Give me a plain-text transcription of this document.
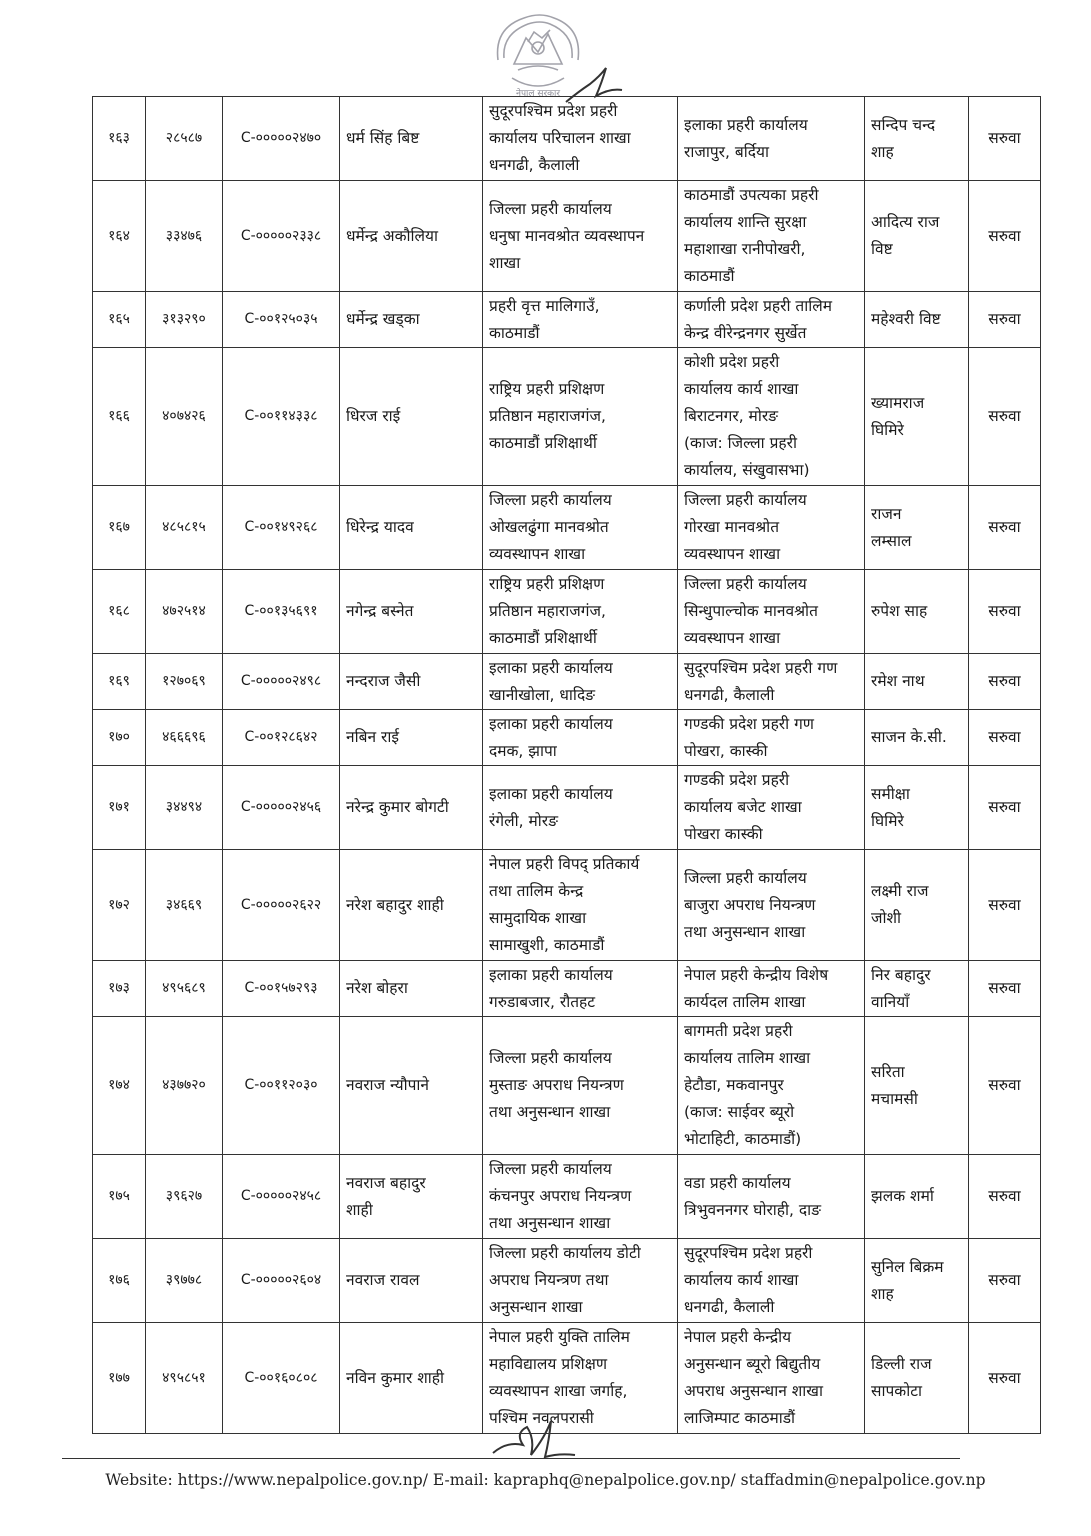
नेपाल सरकार
१६३	२८५८७	C-०००००२४७०	धर्म सिंह बिष्ट	सुदूरपश्चिम प्रदेश प्रहरी
कार्यालय परिचालन शाखा
धनगढी, कैलाली	इलाका प्रहरी कार्यालय
राजापुर, बर्दिया	सन्दिप चन्द
शाह	सरुवा
१६४	३३४७६	C-०००००२३३८	धर्मेन्द्र अकौलिया	जिल्ला प्रहरी कार्यालय
धनुषा मानवश्रोत व्यवस्थापन
शाखा	काठमाडौं उपत्यका प्रहरी
कार्यालय शान्ति सुरक्षा
महाशाखा रानीपोखरी,
काठमाडौं	आदित्य राज
विष्ट	सरुवा
१६५	३१३२९०	C-००१२५०३५	धर्मेन्द्र खड्का	प्रहरी वृत्त मालिगाउँ,
काठमाडौं	कर्णाली प्रदेश प्रहरी तालिम
केन्द्र वीरेन्द्रनगर सुर्खेत	महेश्वरी विष्ट	सरुवा
१६६	४०७४२६	C-००११४३३८	धिरज राई	राष्ट्रिय प्रहरी प्रशिक्षण
प्रतिष्ठान महाराजगंज,
काठमाडौं प्रशिक्षार्थी	कोशी प्रदेश प्रहरी
कार्यालय कार्य शाखा
बिराटनगर, मोरङ
(काज: जिल्ला प्रहरी
कार्यालय, संखुवासभा)	ख्यामराज
घिमिरे	सरुवा
१६७	४८५८१५	C-००१४९२६८	धिरेन्द्र यादव	जिल्ला प्रहरी कार्यालय
ओखलढुंगा मानवश्रोत
व्यवस्थापन शाखा	जिल्ला प्रहरी कार्यालय
गोरखा मानवश्रोत
व्यवस्थापन शाखा	राजन
लम्साल	सरुवा
१६८	४७२५१४	C-००१३५६९१	नगेन्द्र बस्नेत	राष्ट्रिय प्रहरी प्रशिक्षण
प्रतिष्ठान महाराजगंज,
काठमाडौं प्रशिक्षार्थी	जिल्ला प्रहरी कार्यालय
सिन्धुपाल्चोक मानवश्रोत
व्यवस्थापन शाखा	रुपेश साह	सरुवा
१६९	१२७०६९	C-०००००२४९८	नन्दराज जैसी	इलाका प्रहरी कार्यालय
खानीखोला, धादिङ	सुदूरपश्चिम प्रदेश प्रहरी गण
धनगढी, कैलाली	रमेश नाथ	सरुवा
१७०	४६६६९६	C-००१२८६४२	नबिन राई	इलाका प्रहरी कार्यालय
दमक, झापा	गण्डकी प्रदेश प्रहरी गण
पोखरा, कास्की	साजन के.सी.	सरुवा
१७१	३४४९४	C-०००००२४५६	नरेन्द्र कुमार बोगटी	इलाका प्रहरी कार्यालय
रंगेली, मोरङ	गण्डकी प्रदेश प्रहरी
कार्यालय बजेट शाखा
पोखरा कास्की	समीक्षा
घिमिरे	सरुवा
१७२	३४६६९	C-०००००२६२२	नरेश बहादुर शाही	नेपाल प्रहरी विपद् प्रतिकार्य
तथा तालिम केन्द्र
सामुदायिक शाखा
सामाखुशी, काठमाडौं	जिल्ला प्रहरी कार्यालय
बाजुरा अपराध नियन्त्रण
तथा अनुसन्धान शाखा	लक्ष्मी राज
जोशी	सरुवा
१७३	४९५६८९	C-००१५७२९३	नरेश बोहरा	इलाका प्रहरी कार्यालय
गरुडाबजार, रौतहट	नेपाल प्रहरी केन्द्रीय विशेष
कार्यदल तालिम शाखा	निर बहादुर
वानियाँ	सरुवा
१७४	४३७७२०	C-००११२०३०	नवराज न्यौपाने	जिल्ला प्रहरी कार्यालय
मुस्ताङ अपराध नियन्त्रण
तथा अनुसन्धान शाखा	बागमती प्रदेश प्रहरी
कार्यालय तालिम शाखा
हेटौडा, मकवानपुर
(काज: साईवर ब्यूरो
भोटाहिटी, काठमाडौं)	सरिता
मचामसी	सरुवा
१७५	३९६२७	C-०००००२४५८	नवराज बहादुर
शाही	जिल्ला प्रहरी कार्यालय
कंचनपुर अपराध नियन्त्रण
तथा अनुसन्धान शाखा	वडा प्रहरी कार्यालय
त्रिभुवननगर घोराही, दाङ	झलक शर्मा	सरुवा
१७६	३९७७८	C-०००००२६०४	नवराज रावल	जिल्ला प्रहरी कार्यालय डोटी
अपराध नियन्त्रण तथा
अनुसन्धान शाखा	सुदूरपश्चिम प्रदेश प्रहरी
कार्यालय कार्य शाखा
धनगढी, कैलाली	सुनिल बिक्रम
शाह	सरुवा
१७७	४९५८५१	C-००१६०८०८	नविन कुमार शाही	नेपाल प्रहरी युक्ति तालिम
महाविद्यालय प्रशिक्षण
व्यवस्थापन शाखा जर्गाह,
पश्चिम नवलपरासी	नेपाल प्रहरी केन्द्रीय
अनुसन्धान ब्यूरो बिद्युतीय
अपराध अनुसन्धान शाखा
लाजिम्पाट काठमाडौं	डिल्ली राज
सापकोटा	सरुवा
Website: https://www.nepalpolice.gov.np/ E-mail: kapraphq@nepalpolice.gov.np/ staffadmin@nepalpolice.gov.np
